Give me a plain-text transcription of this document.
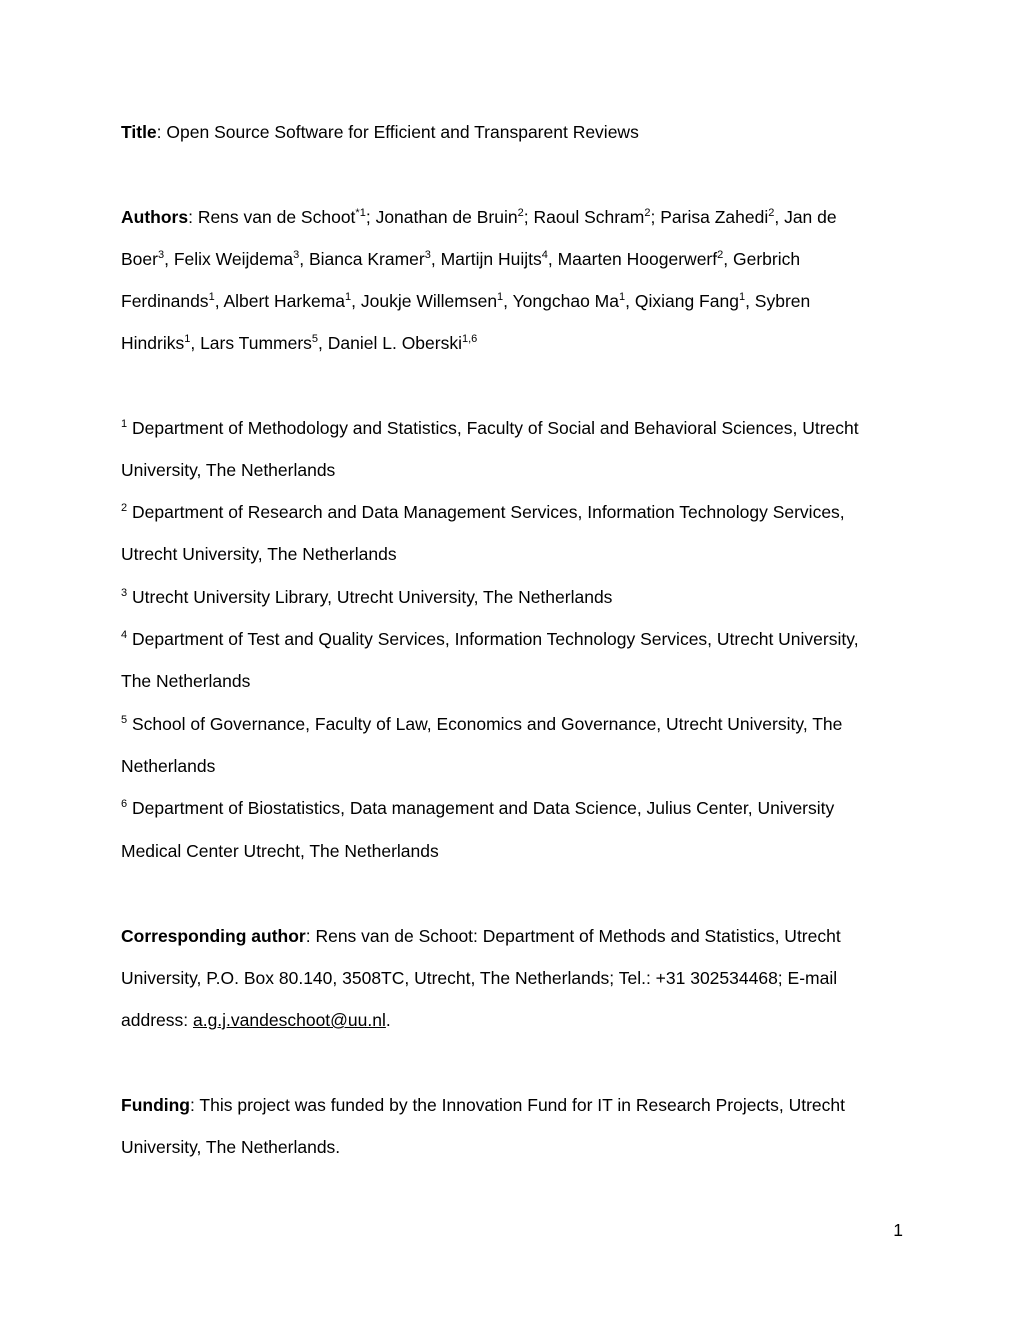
Title: Open Source Software for Efficient and Transparent Reviews
Authors: Rens van de Schoot$^{*1}$; Jonathan de Bruin$^2$; Raoul Schram$^2$; Parisa Zahedi$^2$, Jan de
Boer$^3$, Felix Weijdema$^3$, Bianca Kramer$^3$, Martijn Huijts$^4$, Maarten Hoogerwerf$^2$, Gerbrich
Ferdinands$^1$, Albert Harkema$^1$, Joukje Willemsen$^1$, Yongchao Ma$^1$, Qixiang Fang$^1$, Sybren
Hindriks$^1$, Lars Tummers$^5$, Daniel L. Oberski$^{1,6}$
$^1$ Department of Methodology and Statistics, Faculty of Social and Behavioral Sciences, Utrecht
University, The Netherlands
$^2$ Department of Research and Data Management Services, Information Technology Services,
Utrecht University, The Netherlands
$^3$ Utrecht University Library, Utrecht University, The Netherlands
$^4$ Department of Test and Quality Services, Information Technology Services, Utrecht University,
The Netherlands
$^5$ School of Governance, Faculty of Law, Economics and Governance, Utrecht University, The
Netherlands
$^6$ Department of Biostatistics, Data management and Data Science, Julius Center, University
Medical Center Utrecht, The Netherlands
Corresponding author: Rens van de Schoot: Department of Methods and Statistics, Utrecht
University, P.O. Box 80.140, 3508TC, Utrecht, The Netherlands; Tel.: +31 302534468; E-mail
address: a.g.j.vandeschoot@uu.nl.
Funding: This project was funded by the Innovation Fund for IT in Research Projects, Utrecht
University, The Netherlands.
1
